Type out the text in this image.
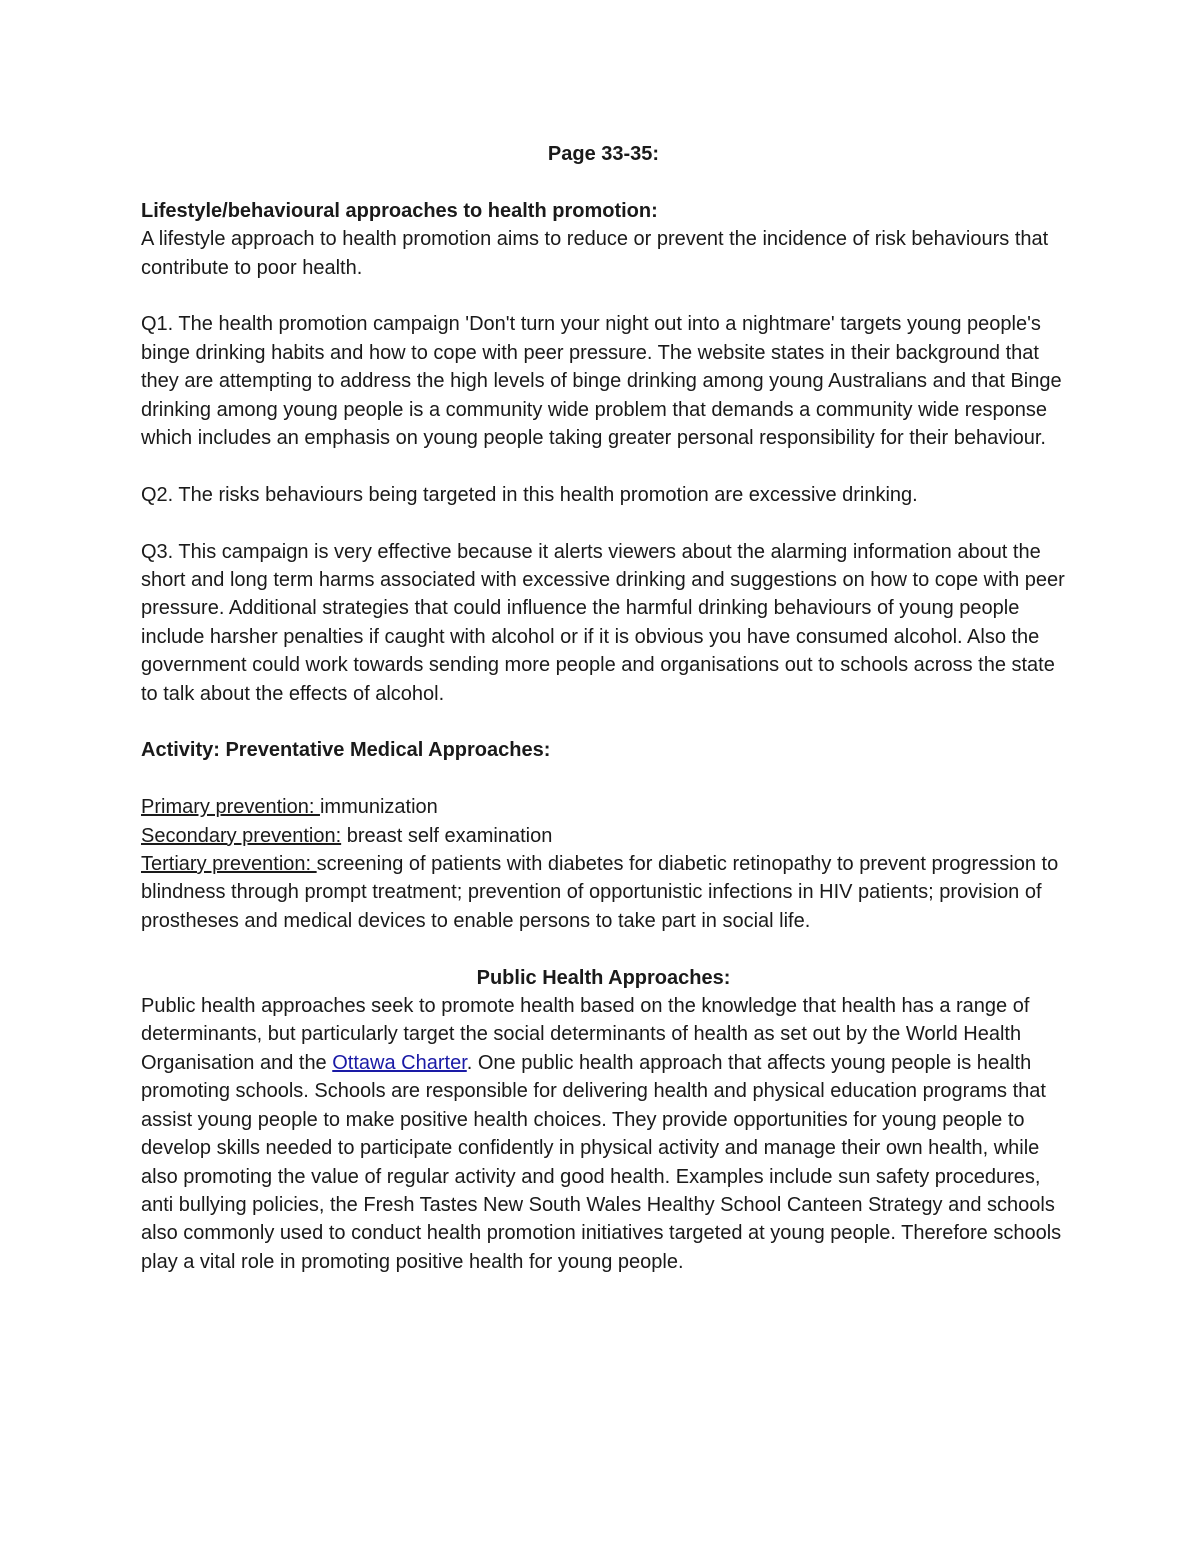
Page 33-35:

Lifestyle/behavioural approaches to health promotion:

A lifestyle approach to health promotion aims to reduce or prevent the incidence of risk behaviours that contribute to poor health.

Q1. The health promotion campaign 'Don't turn your night out into a nightmare' targets young people's binge drinking habits and how to cope with peer pressure. The website states in their background that they are attempting to address the high levels of binge drinking among young Australians and that Binge drinking among young people is a community wide problem that demands a community wide response which includes an emphasis on young people taking greater personal responsibility for their behaviour.

Q2. The risks behaviours being targeted in this health promotion are excessive drinking.

Q3. This campaign is very effective because it alerts viewers about the alarming information about the short and long term harms associated with excessive drinking and suggestions on how to cope with peer pressure. Additional strategies that could influence the harmful drinking behaviours of young people include harsher penalties if caught with alcohol or if it is obvious you have consumed alcohol. Also the government could work towards sending more people and organisations out to schools across the state to talk about the effects of alcohol.

Activity: Preventative Medical Approaches:

Primary prevention: immunization

Secondary prevention: breast self examination

Tertiary prevention: screening of patients with diabetes for diabetic retinopathy to prevent progression to blindness through prompt treatment; prevention of opportunistic infections in HIV patients; provision of prostheses and medical devices to enable persons to take part in social life.

Public Health Approaches:

Public health approaches seek to promote health based on the knowledge that health has a range of determinants, but particularly target the social determinants of health as set out by the World Health Organisation and the Ottawa Charter. One public health approach that affects young people is health promoting schools. Schools are responsible for delivering health and physical education programs that assist young people to make positive health choices. They provide opportunities for young people to develop skills needed to participate confidently in physical activity and manage their own health, while also promoting the value of regular activity and good health. Examples include sun safety procedures, anti bullying policies, the Fresh Tastes New South Wales Healthy School Canteen Strategy and schools also commonly used to conduct health promotion initiatives targeted at young people. Therefore schools play a vital role in promoting positive health for young people.
